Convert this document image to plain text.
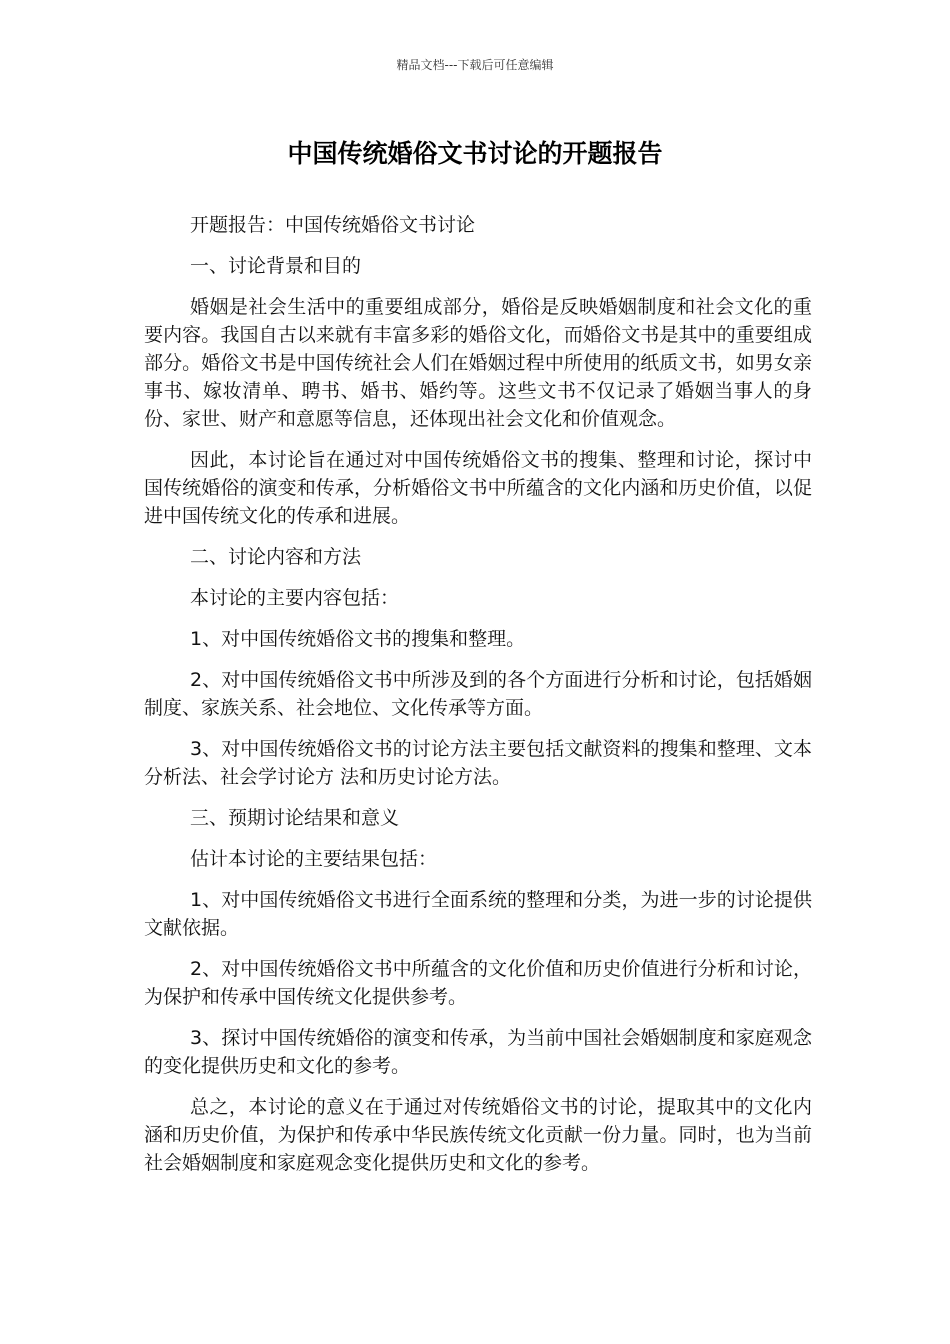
精品文档---下载后可任意编辑
中国传统婚俗文书讨论的开题报告

开题报告：中国传统婚俗文书讨论

一、讨论背景和目的

婚姻是社会生活中的重要组成部分，婚俗是反映婚姻制度和社会文化的重要内容。我国自古以来就有丰富多彩的婚俗文化，而婚俗文书是其中的重要组成部分。婚俗文书是中国传统社会人们在婚姻过程中所使用的纸质文书，如男女亲事书、嫁妆清单、聘书、婚书、婚约等。这些文书不仅记录了婚姻当事人的身份、家世、财产和意愿等信息，还体现出社会文化和价值观念。

因此，本讨论旨在通过对中国传统婚俗文书的搜集、整理和讨论，探讨中国传统婚俗的演变和传承，分析婚俗文书中所蕴含的文化内涵和历史价值，以促进中国传统文化的传承和进展。

二、讨论内容和方法

本讨论的主要内容包括：

1、对中国传统婚俗文书的搜集和整理。

2、对中国传统婚俗文书中所涉及到的各个方面进行分析和讨论，包括婚姻制度、家族关系、社会地位、文化传承等方面。

3、对中国传统婚俗文书的讨论方法主要包括文献资料的搜集和整理、文本分析法、社会学讨论方 法和历史讨论方法。

三、预期讨论结果和意义

估计本讨论的主要结果包括：

1、对中国传统婚俗文书进行全面系统的整理和分类，为进一步的讨论提供文献依据。

2、对中国传统婚俗文书中所蕴含的文化价值和历史价值进行分析和讨论，为保护和传承中国传统文化提供参考。

3、探讨中国传统婚俗的演变和传承，为当前中国社会婚姻制度和家庭观念的变化提供历史和文化的参考。

总之，本讨论的意义在于通过对传统婚俗文书的讨论，提取其中的文化内涵和历史价值，为保护和传承中华民族传统文化贡献一份力量。同时，也为当前社会婚姻制度和家庭观念变化提供历史和文化的参考。
